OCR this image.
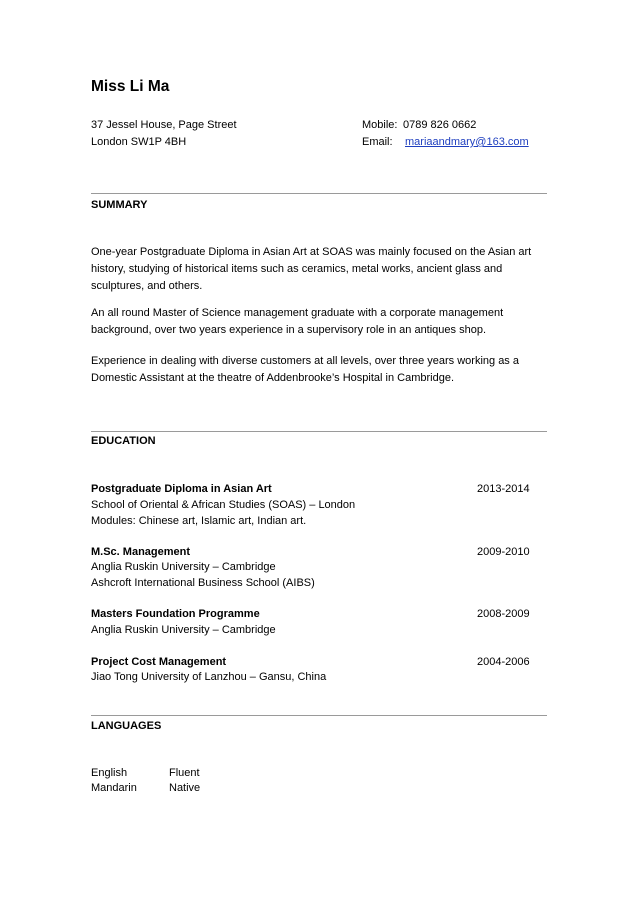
Miss Li Ma
37 Jessel House, Page Street
London SW1P 4BH
Mobile: 0789 826 0662
Email: mariaandmary@163.com
SUMMARY
One-year Postgraduate Diploma in Asian Art at SOAS was mainly focused on the Asian art history, studying of historical items such as ceramics, metal works, ancient glass and sculptures, and others.
An all round Master of Science management graduate with a corporate management background, over two years experience in a supervisory role in an antiques shop.
Experience in dealing with diverse customers at all levels, over three years working as a Domestic Assistant at the theatre of Addenbrooke’s Hospital in Cambridge.
EDUCATION
Postgraduate Diploma in Asian Art	2013-2014
School of Oriental & African Studies (SOAS) – London
Modules: Chinese art, Islamic art, Indian art.
M.Sc. Management	2009-2010
Anglia Ruskin University – Cambridge
Ashcroft International Business School (AIBS)
Masters Foundation Programme	2008-2009
Anglia Ruskin University – Cambridge
Project Cost Management	2004-2006
Jiao Tong University of Lanzhou – Gansu, China
LANGUAGES
English	Fluent
Mandarin	Native
